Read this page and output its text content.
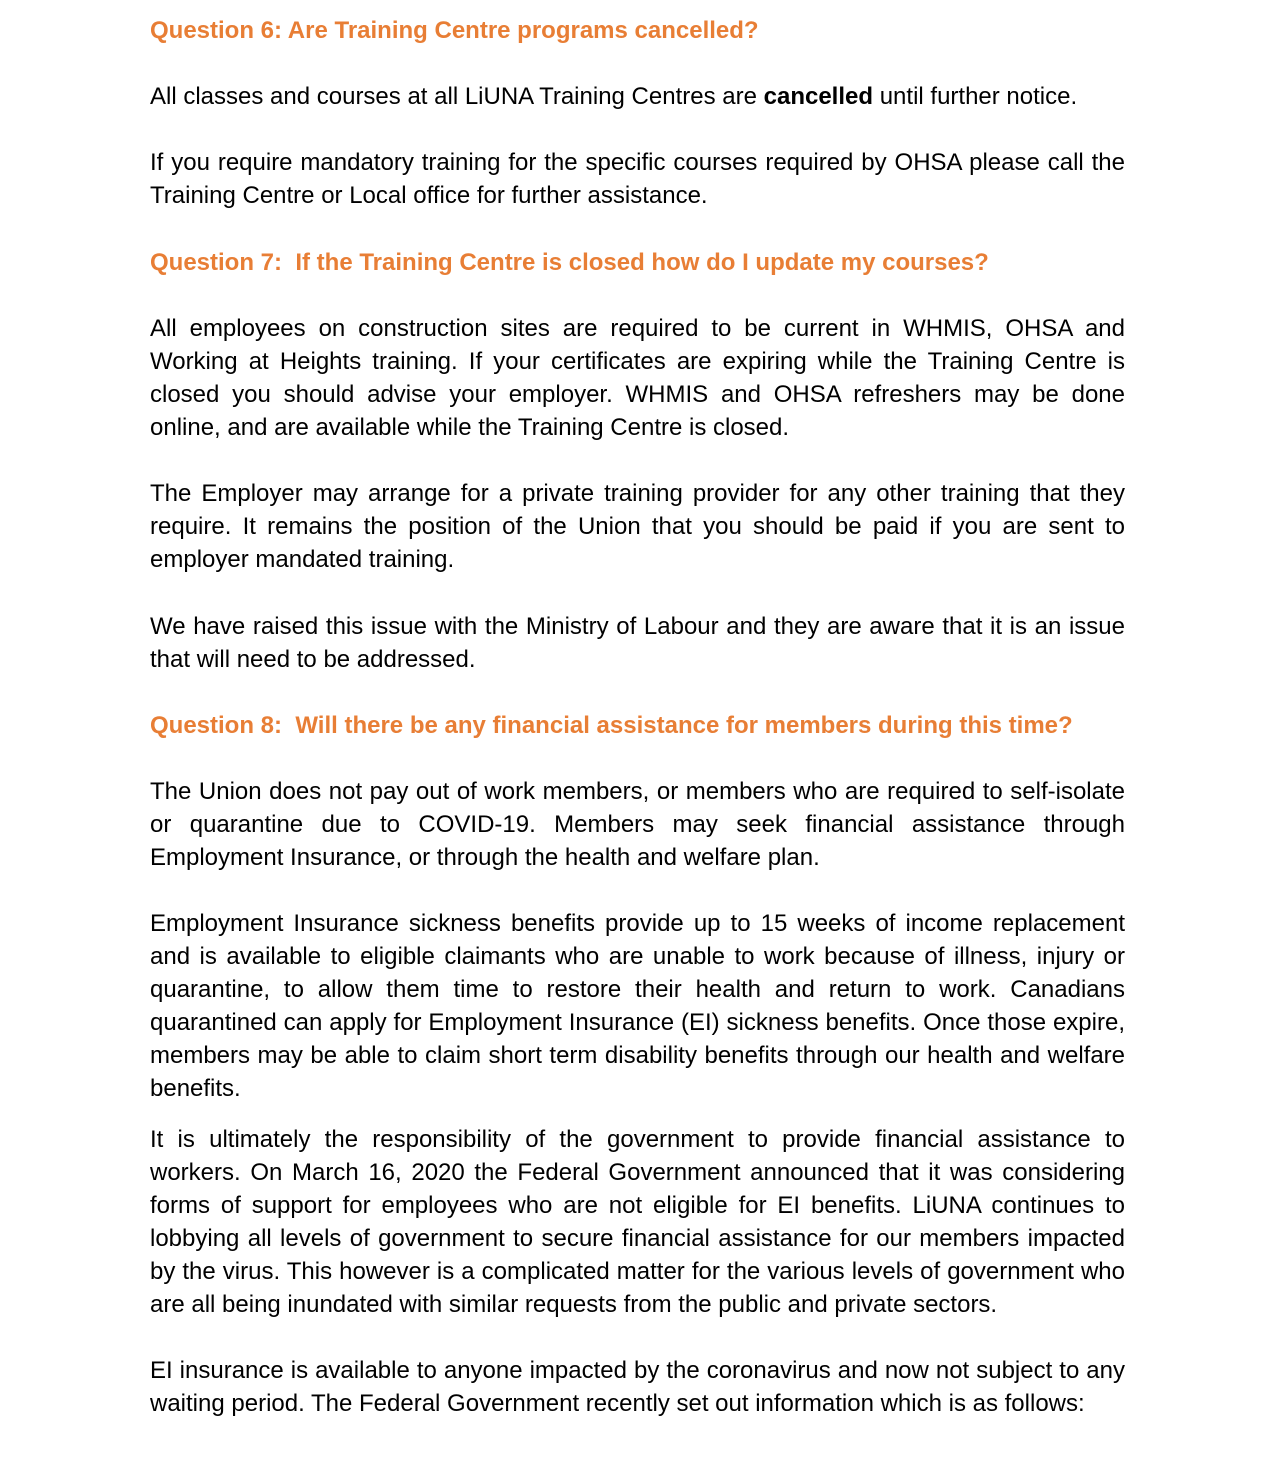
Question 6: Are Training Centre programs cancelled?

All classes and courses at all LiUNA Training Centres are cancelled until further notice.

If you require mandatory training for the specific courses required by OHSA please call the Training Centre or Local office for further assistance.

Question 7:  If the Training Centre is closed how do I update my courses?

All employees on construction sites are required to be current in WHMIS, OHSA and Working at Heights training. If your certificates are expiring while the Training Centre is closed you should advise your employer. WHMIS and OHSA refreshers may be done online, and are available while the Training Centre is closed.

The Employer may arrange for a private training provider for any other training that they require. It remains the position of the Union that you should be paid if you are sent to employer mandated training.

We have raised this issue with the Ministry of Labour and they are aware that it is an issue that will need to be addressed.

Question 8:  Will there be any financial assistance for members during this time?

The Union does not pay out of work members, or members who are required to self-isolate or quarantine due to COVID-19. Members may seek financial assistance through Employment Insurance, or through the health and welfare plan.

Employment Insurance sickness benefits provide up to 15 weeks of income replacement and is available to eligible claimants who are unable to work because of illness, injury or quarantine, to allow them time to restore their health and return to work. Canadians quarantined can apply for Employment Insurance (EI) sickness benefits. Once those expire, members may be able to claim short term disability benefits through our health and welfare benefits.

It is ultimately the responsibility of the government to provide financial assistance to workers. On March 16, 2020 the Federal Government announced that it was considering forms of support for employees who are not eligible for EI benefits. LiUNA continues to lobbying all levels of government to secure financial assistance for our members impacted by the virus. This however is a complicated matter for the various levels of government who are all being inundated with similar requests from the public and private sectors.

EI insurance is available to anyone impacted by the coronavirus and now not subject to any waiting period. The Federal Government recently set out information which is as follows:
